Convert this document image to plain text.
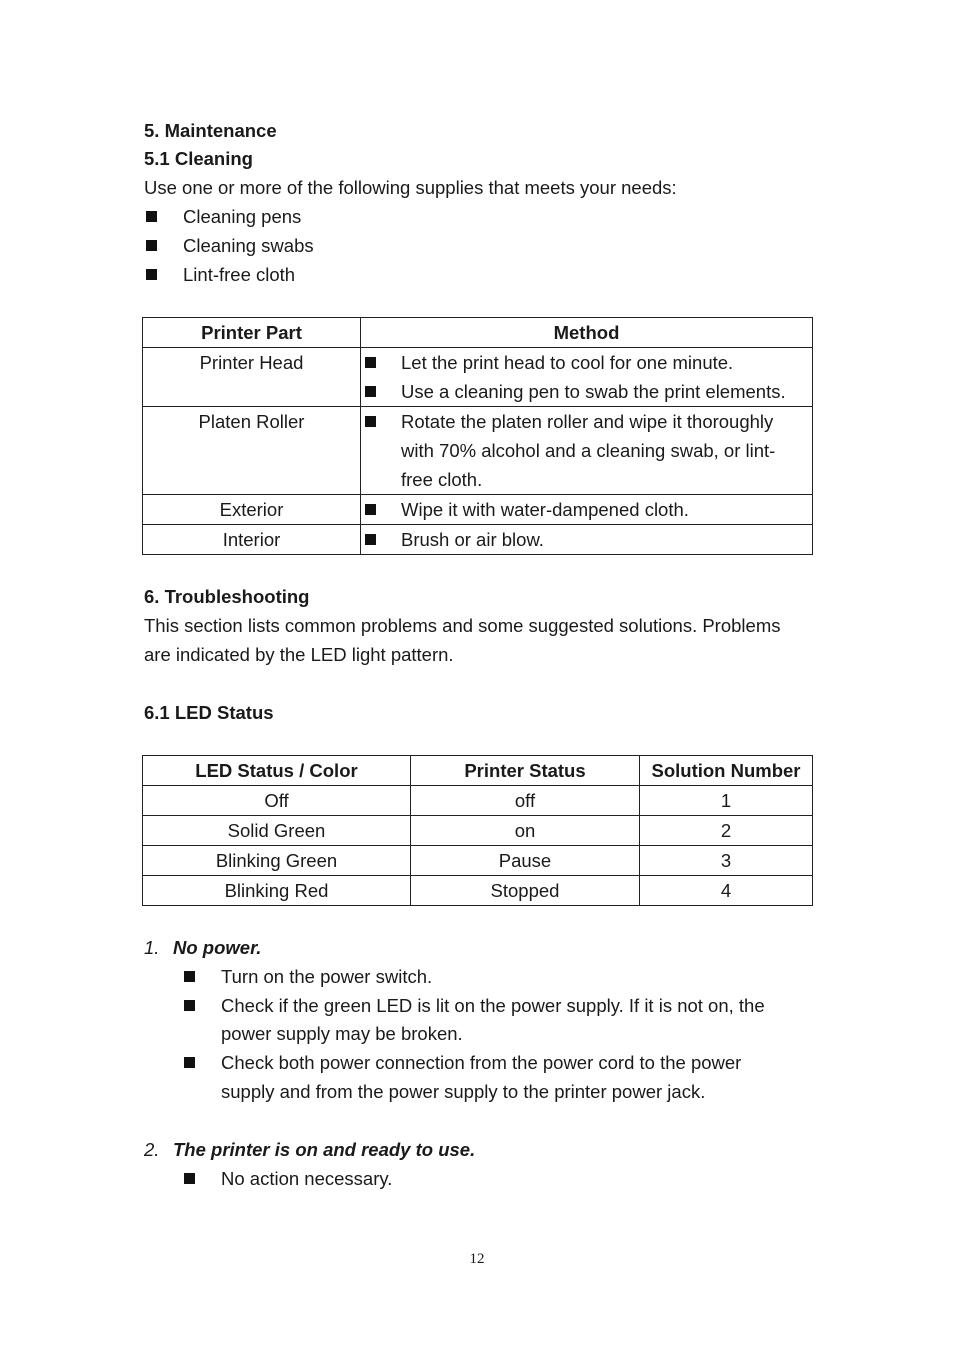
5. Maintenance
5.1 Cleaning
Use one or more of the following supplies that meets your needs:
Cleaning pens
Cleaning swabs
Lint-free cloth
Printer Part	Method
Printer Head	Let the print head to cool for one minute.
Use a cleaning pen to swab the print elements.

Platen Roller	Rotate the platen roller and wipe it thoroughly with 70% alcohol and a cleaning swab, or lint-free cloth.

Exterior	Wipe it with water-dampened cloth.

Interior	Brush or air blow.
6. Troubleshooting
This section lists common problems and some suggested solutions. Problems
are indicated by the LED light pattern.
6.1 LED Status
LED Status / Color	Printer Status	Solution Number
Off	off	1
Solid Green	on	2
Blinking Green	Pause	3
Blinking Red	Stopped	4
1. No power.
Turn on the power switch.
Check if the green LED is lit on the power supply. If it is not on, the
power supply may be broken.
Check both power connection from the power cord to the power
supply and from the power supply to the printer power jack.
2. The printer is on and ready to use.
No action necessary.
12
